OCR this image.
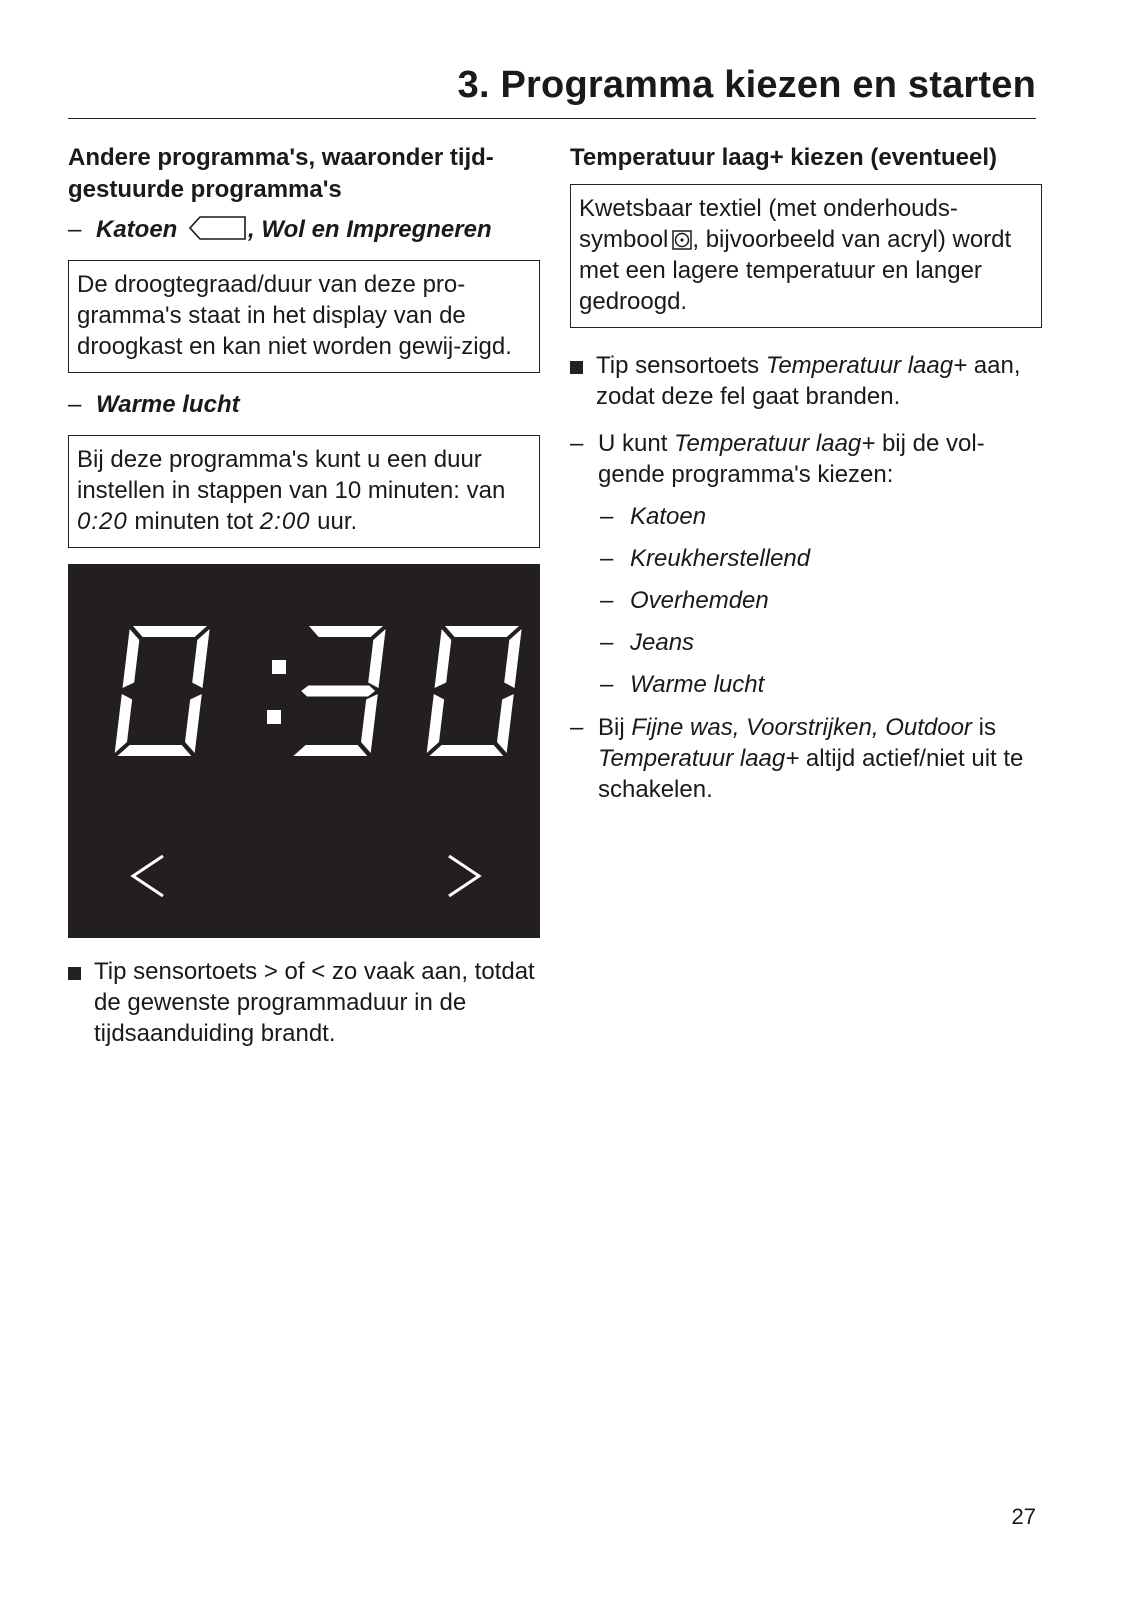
3. Programma kiezen en starten
Andere programma's, waaronder tijd-gestuurde programma's
– Katoen	, Wol en Impregneren
De droogtegraad/duur van deze pro-gramma's staat in het display van de droogkast en kan niet worden gewij-zigd.
– Warme lucht
Bij deze programma's kunt u een duur instellen in stappen van 10 minuten: van 0:20 minuten tot 2:00 uur.
Tip sensortoets > of < zo vaak aan, totdat de gewenste programmaduur in de tijdsaanduiding brandt.
Temperatuur laag+ kiezen (eventueel)
Kwetsbaar textiel (met onderhouds-symbool , bijvoorbeeld van acryl) wordt met een lagere temperatuur en langer gedroogd.
Tip sensortoets Temperatuur laag+ aan, zodat deze fel gaat branden.
– U kunt Temperatuur laag+ bij de vol-gende programma's kiezen:
– Katoen
– Kreukherstellend
– Overhemden
– Jeans
– Warme lucht
– Bij Fijne was, Voorstrijken, Outdoor is Temperatuur laag+ altijd actief/niet uit te schakelen.
27
